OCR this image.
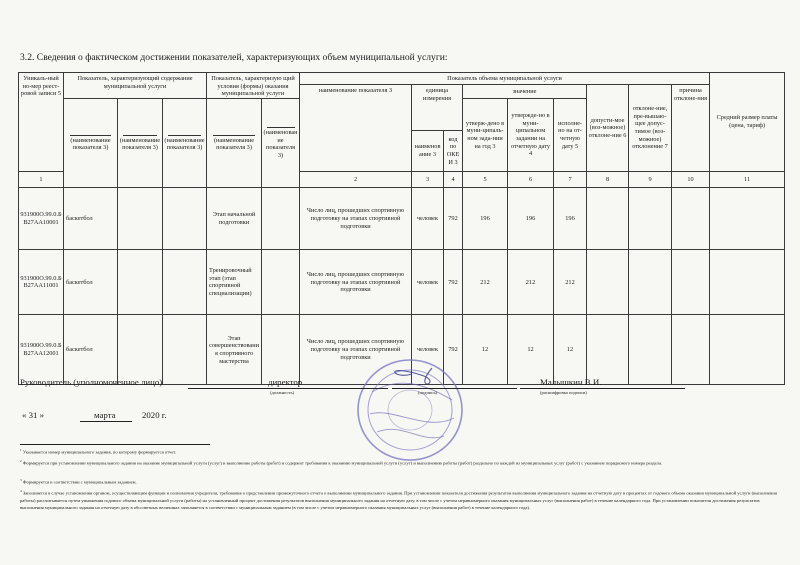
3.2. Сведения о фактическом достижении показателей, характеризующих объем муниципальной услуги:
Уникаль-ный но-мер реест-ровой записи 5	Показатель, характеризующий содержание муниципальной услуги			Показатель, характеризую щий условия (формы) оказания муниципальной услуги		Показатель объема муниципальной услуги									Средний размер платы (цена, тариф)	
						наименование показателя 3	единица измерения		значение			допусти-мое (воз-можное) отклоне-ние 6	отклоне-ние, пре-вышаю-щее допус-тимое (воз-можное) отклонение 7	причина отклоне-ния		

(наименование показателя 3)	(наименование показателя 3)	(наименование показателя 3)	(наименование показателя 3)	(наименование показателя 3)				утверж-дено в муни-ципаль-ном зада-нии на год 3	утвержде-но в муни-ципальном задании на отчетную дату 4	исполне-но на от-четную дату 5					
							наименов ание 3	код по ОКЕИ 3								
1						2	3	4	5	6	7	8	9	10	11					
931900О.99.0.БВ27АА10001	баскетбол			Этап начальной подготовки		Число лиц, прошедших спортивную подготовку на этапах спортивной подготовки	человек	792	196	196	196					
931900О.99.0.БВ27АА11001	баскетбол			Тренировочный этап (этап спортивной специализации)		Число лиц, прошедших спортивную подготовку на этапах спортивной подготовки	человек	792	212	212	212					
931900О.99.0.БВ27АА12001	баскетбол			Этап совершенствования спортивного мастерства		Число лиц, прошедших спортивную подготовку на этапах спортивной подготовки	человек	792	12	12	12					
Руководитель (уполномоченное лицо)	директор
(должность)	(подпись)
Малышкин В.И.
(расшифровка подписи)
« 31 »	марта	2020 г.
$^1$ Указывается номер муниципального задания, по которому формируется отчет.
$^2$ Формируется при установлении муниципального задания на оказание муниципальной услуги (услуг) и выполнение работы (работ) и содержит требования к оказанию муниципальной услуги (услуг) и выполнению работы (работ) раздельно по каждой из муниципальных услуг (работ) с указанием порядкового номера раздела.
$^3$ Формируется в соответствии с муниципальным заданием.
$^4$ Заполняется в случае установления органом, осуществляющим функции и полномочия учредителя, требования о представлении промежуточного отчета о выполнении муниципального задания. При установлении показателя достижения результатов выполнения муниципального задания на отчетную дату в процентах от годового объема оказания муниципальной услуги (выполнения работы) рассчитывается путем умножения годового объема муниципальной услуги (работы) на установленный процент достижения результатов выполнения муниципального задания на отчетную дату, в том числе с учетом неравномерного оказания муниципальных услуг (выполнения работ) в течение календарного года. При установлении показателя достижения результатов выполнения муниципального задания на отчетную дату в абсолютных величинах заполняется в соответствии с муниципальным заданием (в том числе с учетом неравномерного оказания муниципальных услуг (выполнения работ) в течение календарного года).
